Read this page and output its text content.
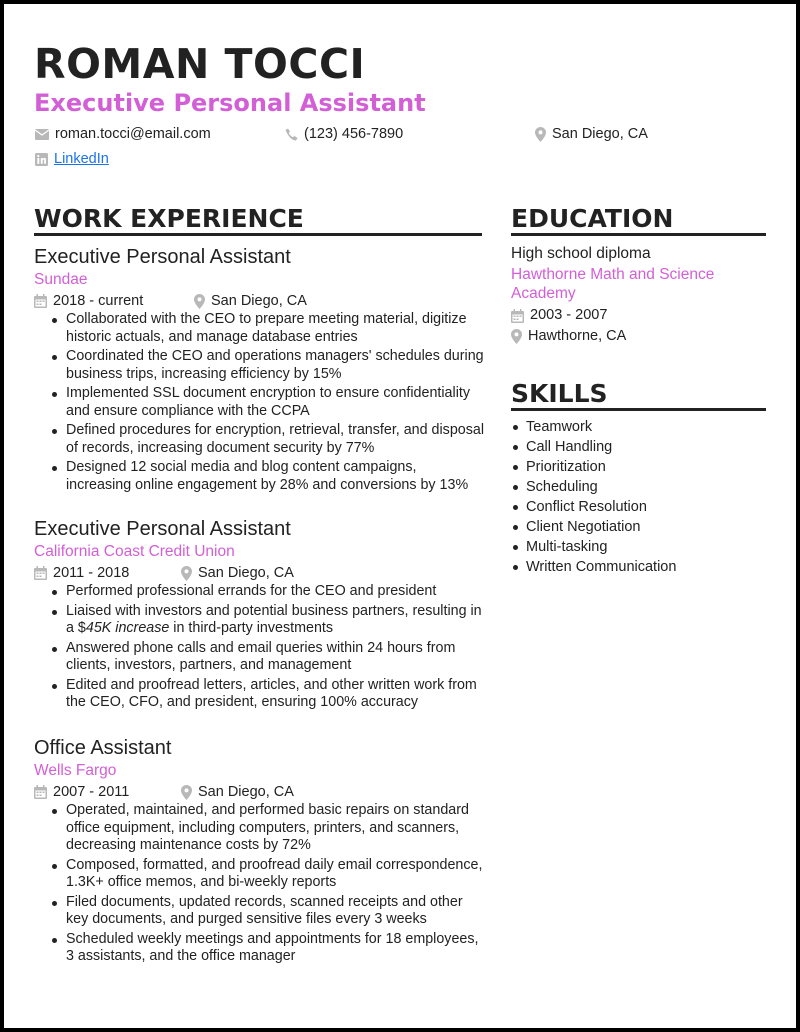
ROMAN TOCCI
Executive Personal Assistant
roman.tocci@email.com	(123) 456-7890	San Diego, CA
LinkedIn
WORK EXPERIENCE
Executive Personal Assistant
Sundae
2018 - current	San Diego, CA
Collaborated with the CEO to prepare meeting material, digitize historic actuals, and manage database entries
Coordinated the CEO and operations managers' schedules during business trips, increasing efficiency by 15%
Implemented SSL document encryption to ensure confidentiality and ensure compliance with the CCPA
Defined procedures for encryption, retrieval, transfer, and disposal of records, increasing document security by 77%
Designed 12 social media and blog content campaigns, increasing online engagement by 28% and conversions by 13%
Executive Personal Assistant
California Coast Credit Union
2011 - 2018	San Diego, CA
Performed professional errands for the CEO and president
Liaised with investors and potential business partners, resulting in a $45K increase in third-party investments
Answered phone calls and email queries within 24 hours from clients, investors, partners, and management
Edited and proofread letters, articles, and other written work from the CEO, CFO, and president, ensuring 100% accuracy
Office Assistant
Wells Fargo
2007 - 2011	San Diego, CA
Operated, maintained, and performed basic repairs on standard office equipment, including computers, printers, and scanners, decreasing maintenance costs by 72%
Composed, formatted, and proofread daily email correspondence, 1.3K+ office memos, and bi-weekly reports
Filed documents, updated records, scanned receipts and other key documents, and purged sensitive files every 3 weeks
Scheduled weekly meetings and appointments for 18 employees, 3 assistants, and the office manager
EDUCATION
High school diploma
Hawthorne Math and Science Academy
2003 - 2007
Hawthorne, CA
SKILLS
Teamwork
Call Handling
Prioritization
Scheduling
Conflict Resolution
Client Negotiation
Multi-tasking
Written Communication
